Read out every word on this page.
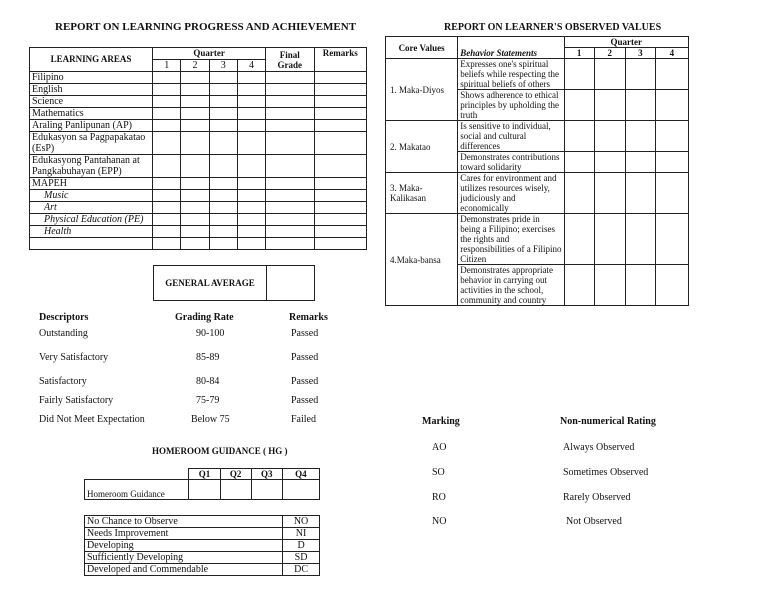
REPORT ON LEARNING PROGRESS AND ACHIEVEMENT
LEARNING AREAS	Quarter				Final Grade	Remarks
	1	2	3	4		
Filipino						
English						
Science						
Mathematics						
Araling Panlipunan (AP)						
Edukasyon sa Pagpapakatao (EsP)						
Edukasyong Pantahanan at Pangkabuhayan (EPP)						
MAPEH						
Music						
Art						
Physical Education (PE)						
Health						

GENERAL AVERAGE
Descriptors	Grading Rate	Remarks
Outstanding	90-100	Passed
Very Satisfactory	85-89	Passed
Satisfactory	80-84	Passed
Fairly Satisfactory	75-79	Passed
Did Not Meet Expectation	Below 75	Failed
HOMEROOM GUIDANCE ( HG )
	Q1	Q2	Q3	Q4
Homeroom Guidance				
No Chance to Observe	NO
Needs Improvement	NI
Developing	D
Sufficiently Developing	SD
Developed and Commendable	DC
REPORT ON LEARNER'S OBSERVED VALUES
Core Values	Behavior Statements	Quarter			
		1	2	3	4
1. Maka-Diyos	Expresses one's spiritual beliefs while respecting the spiritual beliefs of others				
	Shows adherence to ethical principles by upholding the truth				
2. Makatao	Is sensitive to individual, social and cultural differences				
	Demonstrates contributions toward solidarity				
3. Maka-Kalikasan	Cares for environment and utilizes resources wisely, judiciously and economically				
4.Maka-bansa	Demonstrates pride in being a Filipino; exercises the rights and responsibilities of a Filipino Citizen				
	Demonstrates appropriate behavior in carrying out activities in the school, community and country				
Marking	Non-numerical Rating
AO	Always Observed
SO	Sometimes Observed
RO	Rarely Observed
NO	Not Observed
